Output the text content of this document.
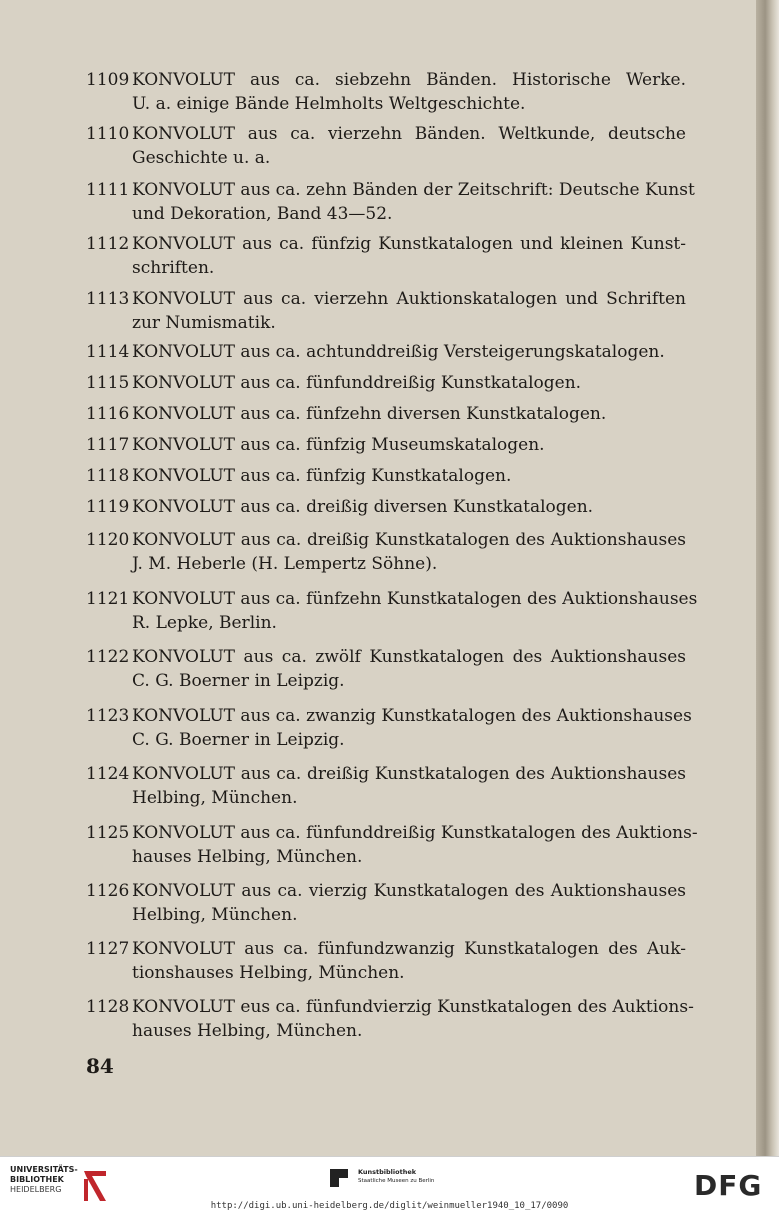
1109 KONVOLUT aus ca. siebzehn Bänden. Historische Werke.
U. a. einige Bände Helmholts Weltgeschichte.
1110 KONVOLUT aus ca. vierzehn Bänden. Weltkunde, deutsche
Geschichte u. a.
1111 KONVOLUT aus ca. zehn Bänden der Zeitschrift: Deutsche Kunst
und Dekoration, Band 43—52.
1112 KONVOLUT aus ca. fünfzig Kunstkatalogen und kleinen Kunst-
schriften.
1113 KONVOLUT aus ca. vierzehn Auktionskatalogen und Schriften
zur Numismatik.
1114 KONVOLUT aus ca. achtunddreißig Versteigerungskatalogen.
1115 KONVOLUT aus ca. fünfunddreißig Kunstkatalogen.
1116 KONVOLUT aus ca. fünfzehn diversen Kunstkatalogen.
1117 KONVOLUT aus ca. fünfzig Museumskatalogen.
1118 KONVOLUT aus ca. fünfzig Kunstkatalogen.
1119 KONVOLUT aus ca. dreißig diversen Kunstkatalogen.
1120 KONVOLUT aus ca. dreißig Kunstkatalogen des Auktionshauses
J. M. Heberle (H. Lempertz Söhne).
1121 KONVOLUT aus ca. fünfzehn Kunstkatalogen des Auktionshauses
R. Lepke, Berlin.
1122 KONVOLUT aus ca. zwölf Kunstkatalogen des Auktionshauses
C. G. Boerner in Leipzig.
1123 KONVOLUT aus ca. zwanzig Kunstkatalogen des Auktionshauses
C. G. Boerner in Leipzig.
1124 KONVOLUT aus ca. dreißig Kunstkatalogen des Auktionshauses
Helbing, München.
1125 KONVOLUT aus ca. fünfunddreißig Kunstkatalogen des Auktions-
hauses Helbing, München.
1126 KONVOLUT aus ca. vierzig Kunstkatalogen des Auktionshauses
Helbing, München.
1127 KONVOLUT aus ca. fünfundzwanzig Kunstkatalogen des Auk-
tionshauses Helbing, München.
1128 KONVOLUT eus ca. fünfundvierzig Kunstkatalogen des Auktions-
hauses Helbing, München.
84
UNIVERSITÄTS-
BIBLIOTHEK
HEIDELBERG
Kunstbibliothek
Staatliche Museen zu Berlin	DFG
http://digi.ub.uni-heidelberg.de/diglit/weinmueller1940_10_17/0090
